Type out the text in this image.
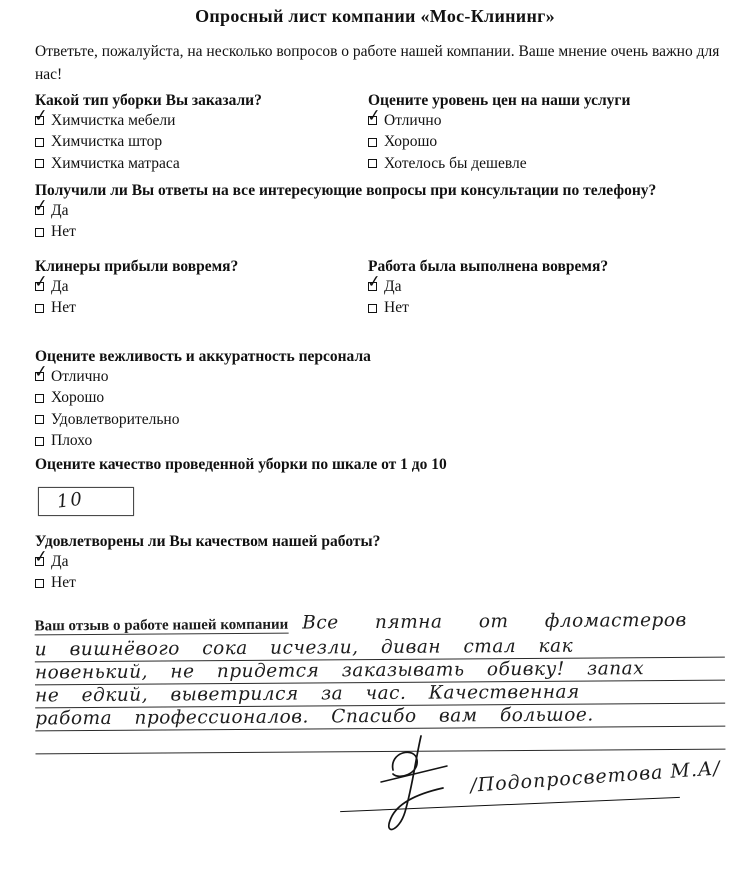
Опросный лист компании «Мос-Клининг»
Ответьте, пожалуйста, на несколько вопросов о работе нашей компании. Ваше мнение очень важно для нас!
Какой тип уборки Вы заказали?
✓
Химчистка мебели
Химчистка штор
Химчистка матраса
Оцените уровень цен на наши услуги
✓
Отлично
Хорошо
Хотелось бы дешевле
Получили ли Вы ответы на все интересующие вопросы при консультации по телефону?
✓
Да
Нет
Клинеры прибыли вовремя?
✓
Да
Нет
Работа была выполнена вовремя?
✓
Да
Нет
Оцените вежливость и аккуратность персонала
✓
Отлично
Хорошо
Удовлетворительно
Плохо
Оцените качество проведенной уборки по шкале от 1 до 10
10
Удовлетворены ли Вы качеством нашей работы?
✓
Да
Нет
Ваш отзыв о работе нашей компании Все пятна от фломастеров
и вишнёвого сока исчезли, диван стал как
новенький, не придется заказывать обивку! запах
не едкий, выветрился за час. Качественная
работа профессионалов. Спасибо вам большое.
/Подопросветова М.А/
